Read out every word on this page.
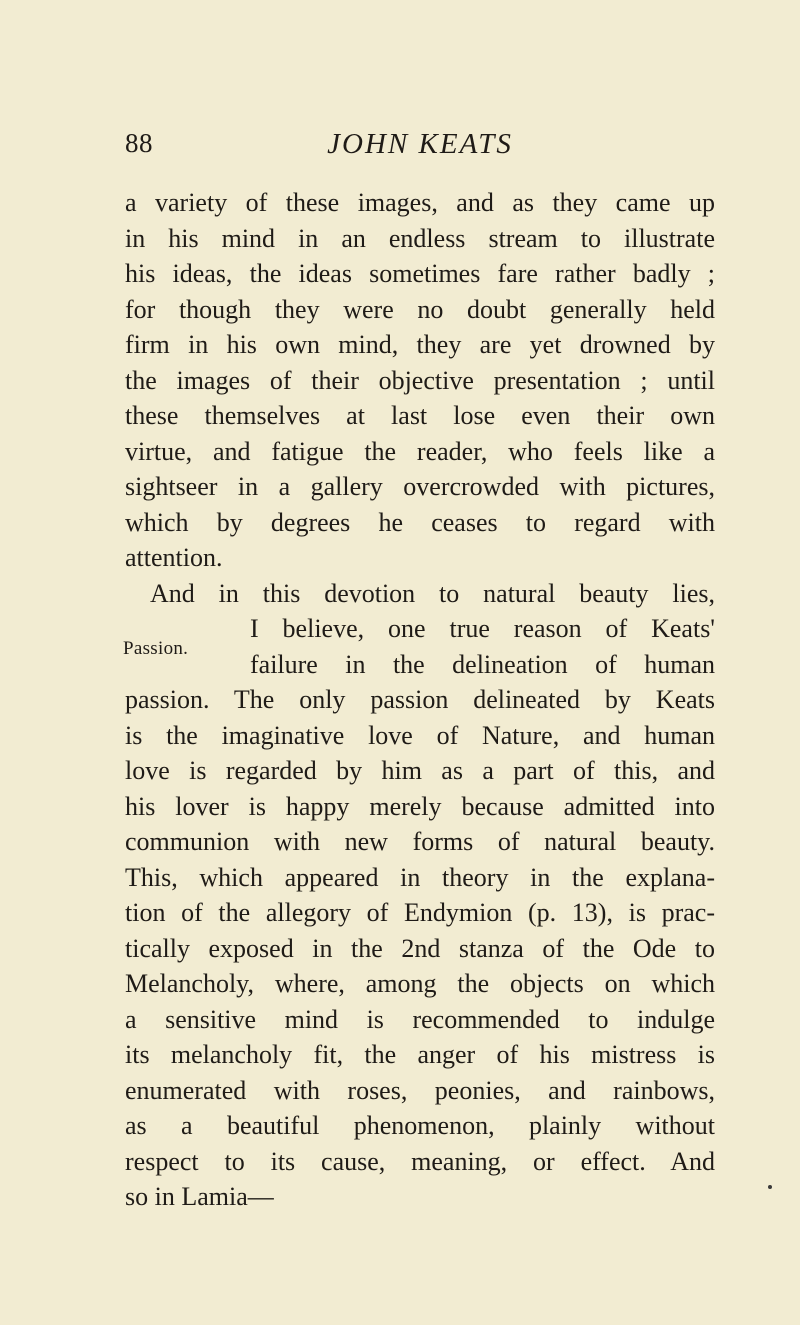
88	JOHN KEATS
Passion.
a variety of these images, and as they came up
in his mind in an endless stream to illustrate
his ideas, the ideas sometimes fare rather badly ;
for though they were no doubt generally held
firm in his own mind, they are yet drowned by
the images of their objective presentation ; until
these themselves at last lose even their own
virtue, and fatigue the reader, who feels like a
sightseer in a gallery overcrowded with pictures,
which by degrees he ceases to regard with
attention.
And in this devotion to natural beauty lies,
I believe, one true reason of Keats'
failure in the delineation of human
passion. The only passion delineated by Keats
is the imaginative love of Nature, and human
love is regarded by him as a part of this, and
his lover is happy merely because admitted into
communion with new forms of natural beauty.
This, which appeared in theory in the explana-
tion of the allegory of Endymion (p. 13), is prac-
tically exposed in the 2nd stanza of the Ode to
Melancholy, where, among the objects on which
a sensitive mind is recommended to indulge
its melancholy fit, the anger of his mistress is
enumerated with roses, peonies, and rainbows,
as a beautiful phenomenon, plainly without
respect to its cause, meaning, or effect. And
so in Lamia—
